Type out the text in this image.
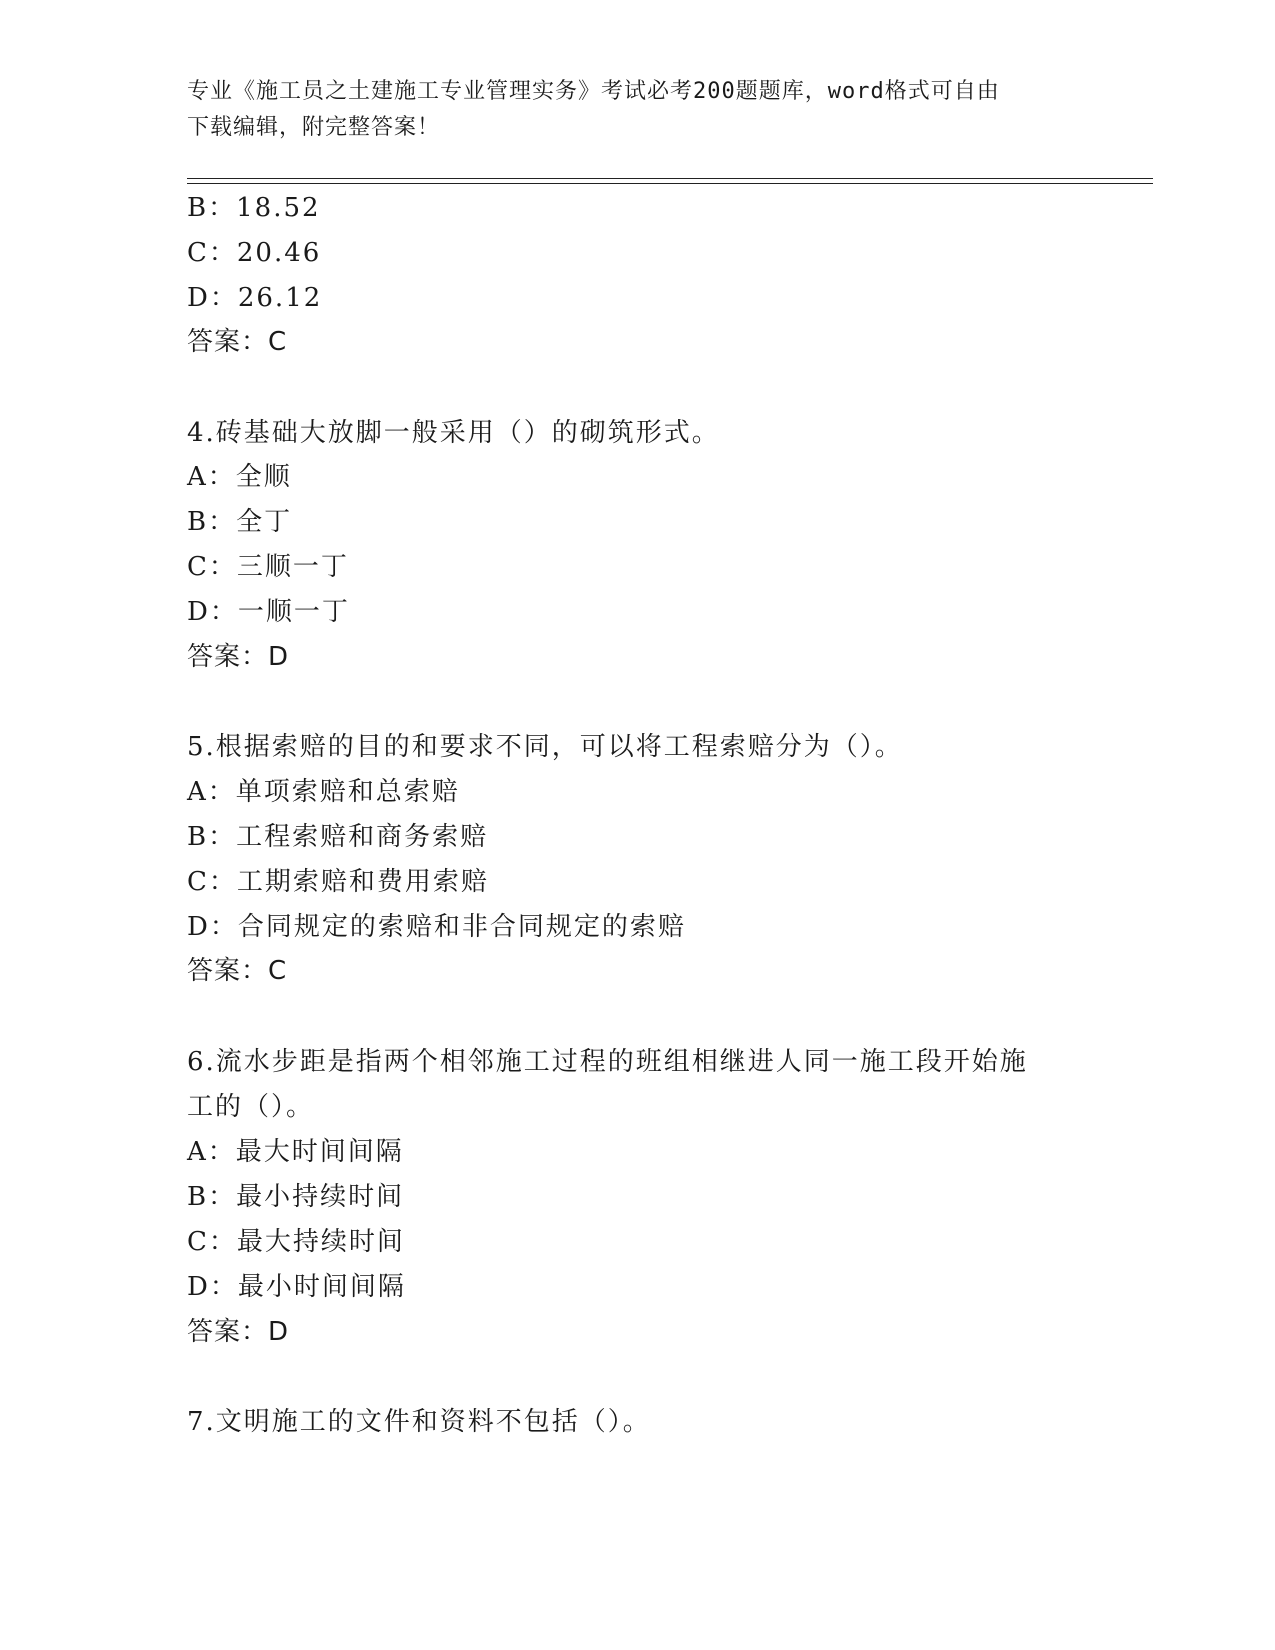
专业《施工员之土建施工专业管理实务》考试必考200题题库，word格式可自由
下载编辑，附完整答案！
B：18.52
C：20.46
D：26.12
答案：C
4.砖基础大放脚一般采用（）的砌筑形式。
A：全顺
B：全丁
C：三顺一丁
D：一顺一丁
答案：D
5.根据索赔的目的和要求不同，可以将工程索赔分为（）。
A：单项索赔和总索赔
B：工程索赔和商务索赔
C：工期索赔和费用索赔
D：合同规定的索赔和非合同规定的索赔
答案：C
6.流水步距是指两个相邻施工过程的班组相继进人同一施工段开始施
工的（）。
A：最大时间间隔
B：最小持续时间
C：最大持续时间
D：最小时间间隔
答案：D
7.文明施工的文件和资料不包括（）。
